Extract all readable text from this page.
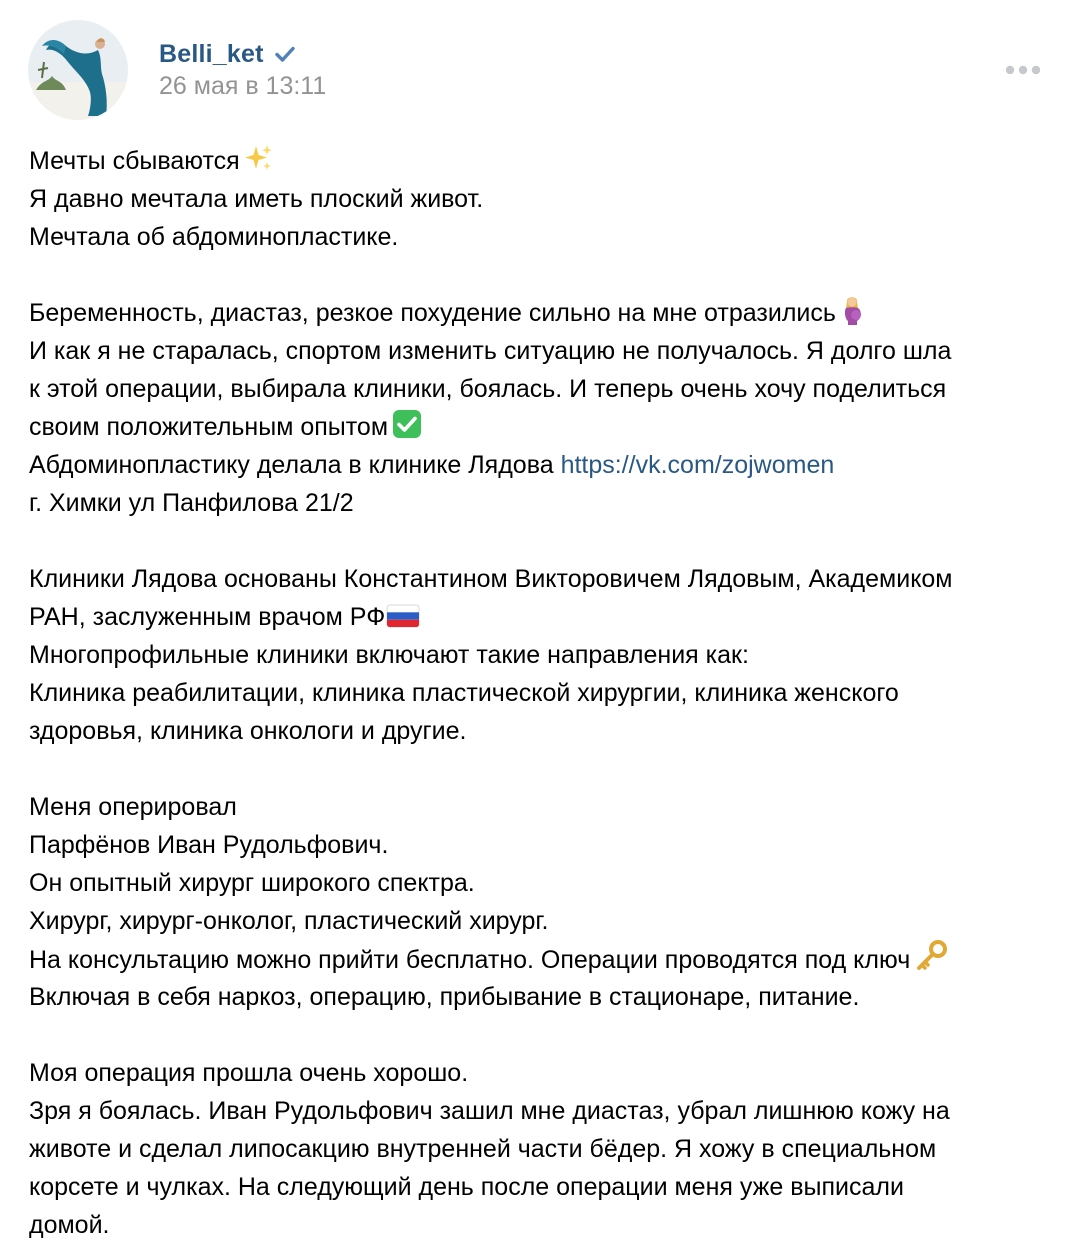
Belli_ket
26 мая в 13:11
Мечты сбываются
Я давно мечтала иметь плоский живот.
Мечтала об абдоминопластике.
Беременность, диастаз, резкое похудение сильно на мне отразились
И как я не старалась, спортом изменить ситуацию не получалось. Я долго шла
к этой операции, выбирала клиники, боялась. И теперь очень хочу поделиться
своим положительным опытом
Абдоминопластику делала в клинике Лядова https://vk.com/zojwomen
г. Химки ул Панфилова 21/2
Клиники Лядова основаны Константином Викторовичем Лядовым, Академиком
РАН, заслуженным врачом РФ
Многопрофильные клиники включают такие направления как:
Клиника реабилитации, клиника пластической хирургии, клиника женского
здоровья, клиника онкологи и другие.
Меня оперировал
Парфёнов Иван Рудольфович.
Он опытный хирург широкого спектра.
Хирург, хирург-онколог, пластический хирург.
На консультацию можно прийти бесплатно. Операции проводятся под ключ
Включая в себя наркоз, операцию, прибывание в стационаре, питание.
Моя операция прошла очень хорошо.
Зря я боялась. Иван Рудольфович зашил мне диастаз, убрал лишнюю кожу на
животе и сделал липосакцию внутренней части бёдер. Я хожу в специальном
корсете и чулках. На следующий день после операции меня уже выписали
домой.
